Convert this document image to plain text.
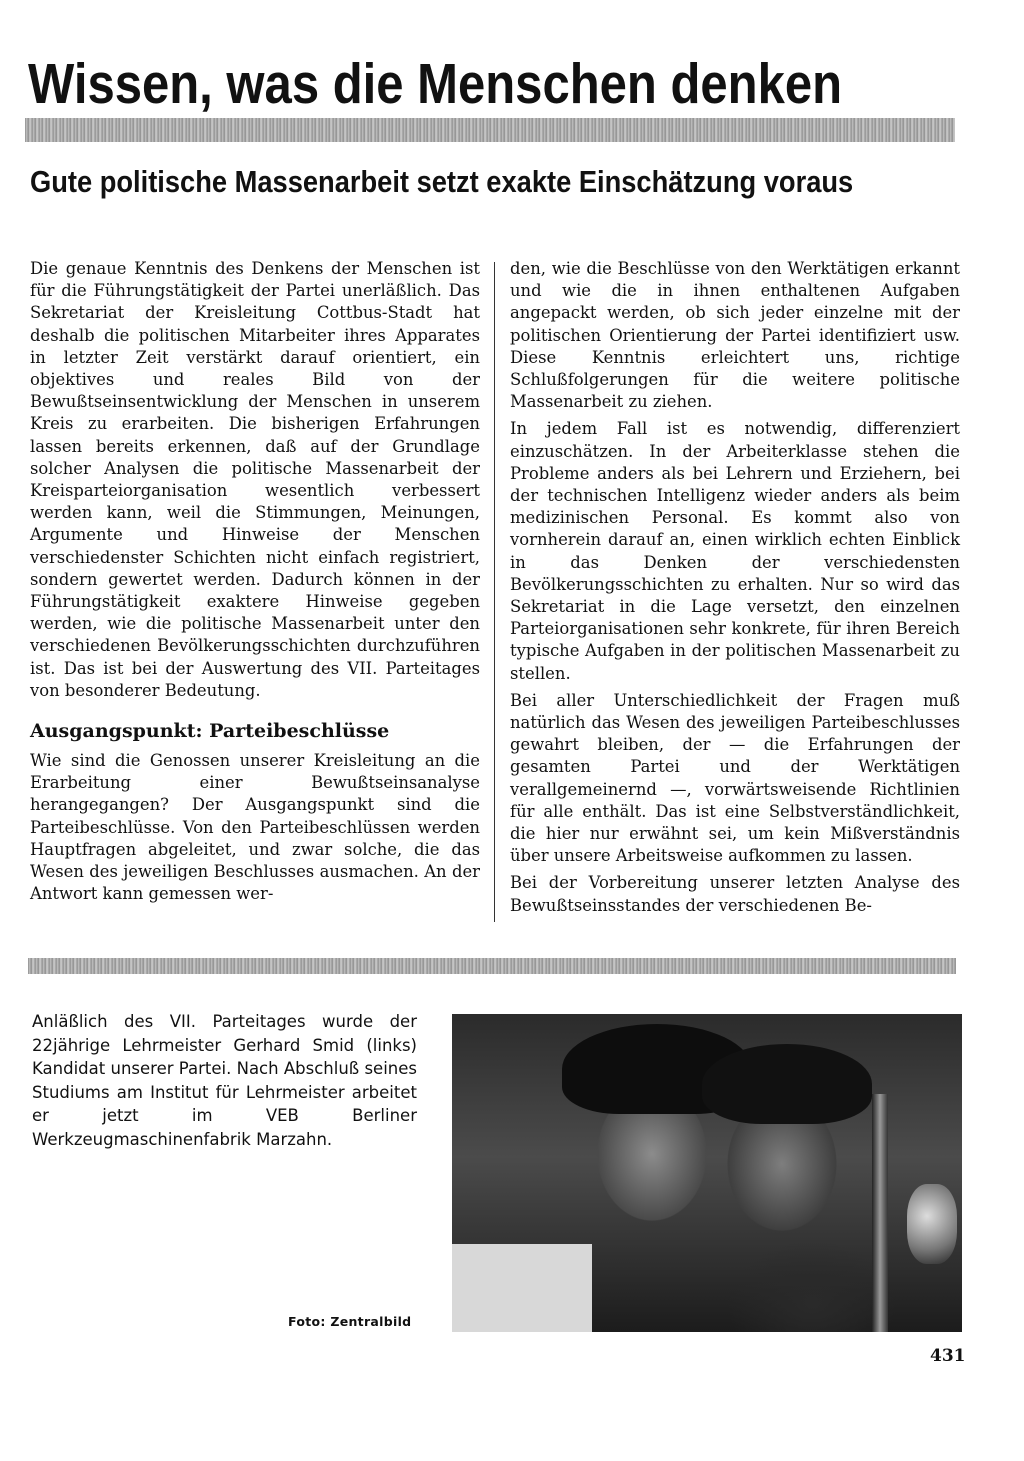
Wissen, was die Menschen denken
Gute politische Massenarbeit setzt exakte Einschätzung voraus

Die genaue Kenntnis des Denkens der Menschen ist für die Führungstätigkeit der Partei unerläßlich. Das Sekretariat der Kreisleitung Cottbus-Stadt hat deshalb die politischen Mitarbeiter ihres Apparates in letzter Zeit verstärkt darauf orientiert, ein objektives und reales Bild von der Bewußtseinsentwicklung der Menschen in unserem Kreis zu erarbeiten. Die bisherigen Erfahrungen lassen bereits erkennen, daß auf der Grundlage solcher Analysen die politische Massenarbeit der Kreisparteiorganisation wesentlich verbessert werden kann, weil die Stimmungen, Meinungen, Argumente und Hinweise der Menschen verschiedenster Schichten nicht einfach registriert, sondern gewertet werden. Dadurch können in der Führungstätigkeit exaktere Hinweise gegeben werden, wie die politische Massenarbeit unter den verschiedenen Bevölkerungsschichten durchzuführen ist. Das ist bei der Auswertung des VII. Parteitages von besonderer Bedeutung.

Ausgangspunkt: Parteibeschlüsse

Wie sind die Genossen unserer Kreisleitung an die Erarbeitung einer Bewußtseinsanalyse herangegangen? Der Ausgangspunkt sind die Parteibeschlüsse. Von den Parteibeschlüssen werden Hauptfragen abgeleitet, und zwar solche, die das Wesen des jeweiligen Beschlusses ausmachen. An der Antwort kann gemessen wer-

den, wie die Beschlüsse von den Werktätigen erkannt und wie die in ihnen enthaltenen Aufgaben angepackt werden, ob sich jeder einzelne mit der politischen Orientierung der Partei identifiziert usw. Diese Kenntnis erleichtert uns, richtige Schlußfolgerungen für die weitere politische Massenarbeit zu ziehen.

In jedem Fall ist es notwendig, differenziert einzuschätzen. In der Arbeiterklasse stehen die Probleme anders als bei Lehrern und Erziehern, bei der technischen Intelligenz wieder anders als beim medizinischen Personal. Es kommt also von vornherein darauf an, einen wirklich echten Einblick in das Denken der verschiedensten Bevölkerungsschichten zu erhalten. Nur so wird das Sekretariat in die Lage versetzt, den einzelnen Parteiorganisationen sehr konkrete, für ihren Bereich typische Aufgaben in der politischen Massenarbeit zu stellen.

Bei aller Unterschiedlichkeit der Fragen muß natürlich das Wesen des jeweiligen Parteibeschlusses gewahrt bleiben, der — die Erfahrungen der gesamten Partei und der Werktätigen verallgemeinernd —, vorwärtsweisende Richtlinien für alle enthält. Das ist eine Selbstverständlichkeit, die hier nur erwähnt sei, um kein Mißverständnis über unsere Arbeitsweise aufkommen zu lassen.

Bei der Vorbereitung unserer letzten Analyse des Bewußtseinsstandes der verschiedenen Be-

Anläßlich des VII. Parteitages wurde der 22jährige Lehrmeister Gerhard Smid (links) Kandidat unserer Partei. Nach Abschluß seines Studiums am Institut für Lehrmeister arbeitet er jetzt im VEB Berliner Werkzeugmaschinenfabrik Marzahn.
Foto: Zentralbild
431
